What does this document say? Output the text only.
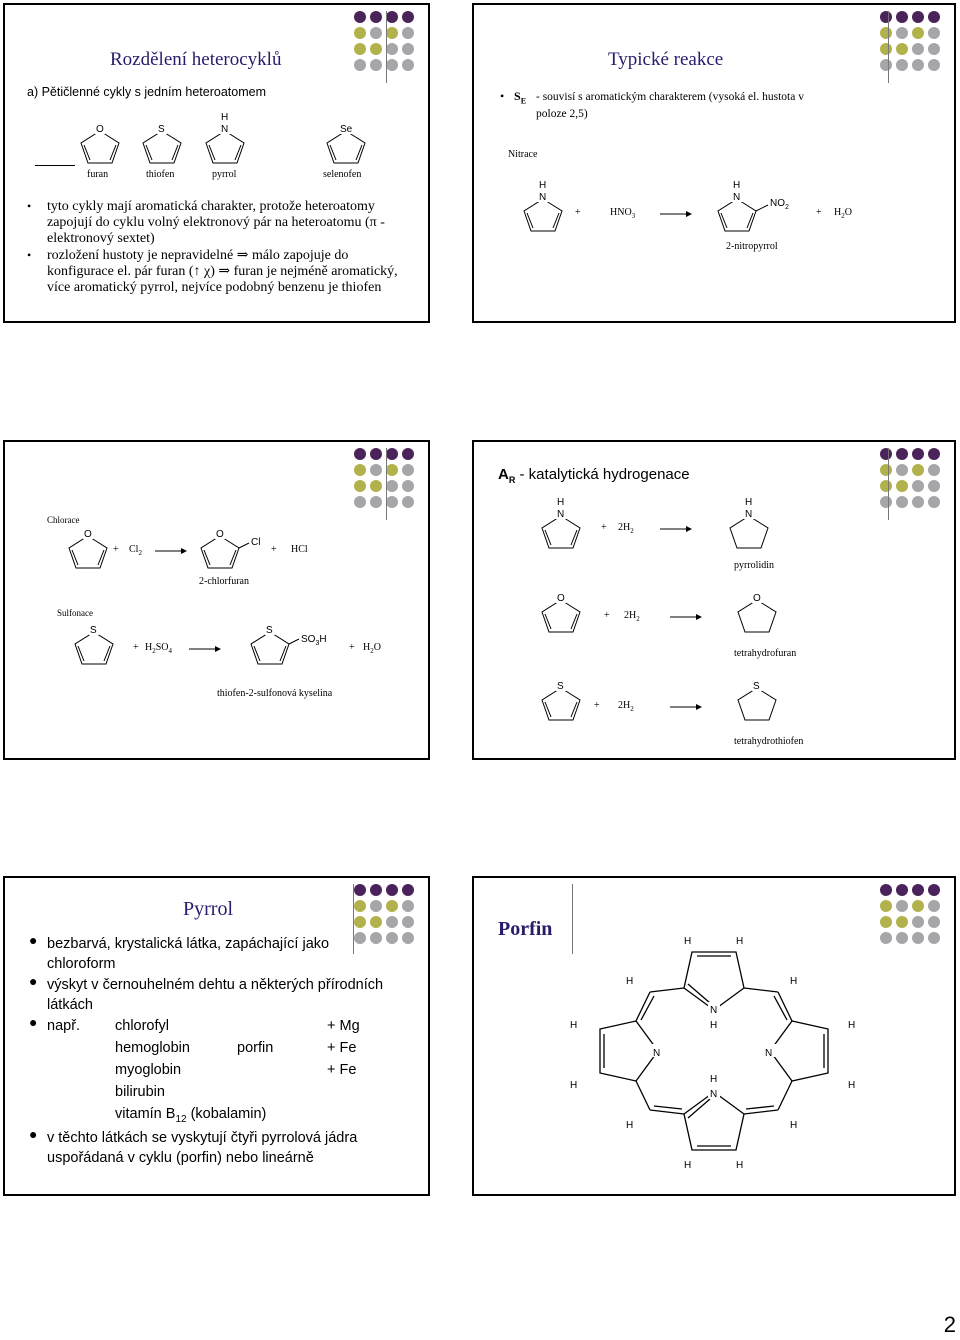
Rozdělení heterocyklů
a) Pětičlenné cykly s jedním heteroatomem
O	S
H
N	Se
furan	thiofen	pyrrol	selenofen
• tyto cykly mají aromatická charakter, protože heteroatomy zapojují do cyklu volný elektronový pár na heteroatomu (π - elektronový sextet)
• rozložení hustoty je nepravidelné ⇒ málo zapojuje do konfigurace el. pár furan (↑ χ) ⇒ furan je nejméně aromatický, více aromatický pyrrol, nejvíce podobný benzenu je thiofen
Typické reakce
• $S_E$ - souvisí s aromatickým charakterem (vysoká el. hustota v poloze 2,5)
Nitrace
H
N
+	$HNO_3$
H
N
$NO_2$	+ $H_2O$
2-nitropyrrol
Chlorace
O
+ $Cl_2$ →
O
Cl
+ HCl
2-chlorfuran
Sulfonace
S
+ $H_2SO_4$ →
S
$SO_3H$
+ $H_2O$
thiofen-2-sulfonová kyselina
$A_R$ - katalytická hydrogenace
H
N
+ $2H_2$
H
N
pyrrolidin
O
+ $2H_2$
O
tetrahydrofuran
S
+ $2H_2$
S
tetrahydrothiofen
Pyrrol
● bezbarvá, krystalická látka, zapáchající jako chloroform
● výskyt v černouhelném dehtu a některých přírodních látkách
● např. chlorofyl	+ Mg
hemoglobin	porfin	+ Fe
myoglobin	+ Fe
bilirubin
vitamín $B_{12}$ (kobalamin)
● v těchto látkách se vyskytují čtyři pyrrolová jádra uspořádaná v cyklu (porfin) nebo lineárně
Porfin
N
H
N
H
N	N
H	H
H	H
H
H
H
H
H	H
H	H
2
